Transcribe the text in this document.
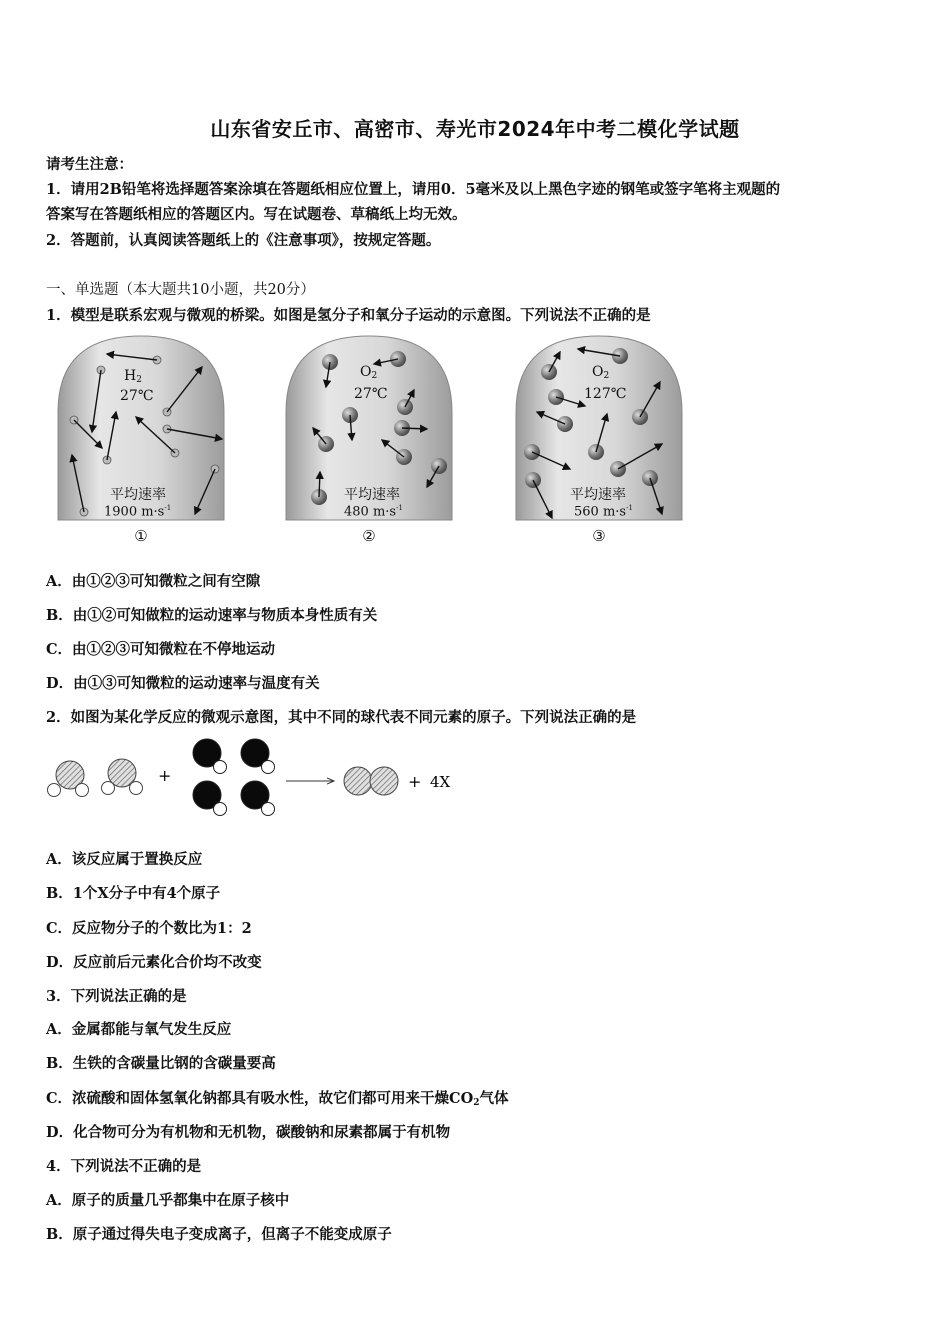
山东省安丘市、高密市、寿光市2024年中考二模化学试题
请考生注意：
1．请用2B铅笔将选择题答案涂填在答题纸相应位置上，请用0．5毫米及以上黑色字迹的钢笔或签字笔将主观题的
答案写在答题纸相应的答题区内。写在试题卷、草稿纸上均无效。
2．答题前，认真阅读答题纸上的《注意事项》，按规定答题。
一、单选题（本大题共10小题，共20分）
1．模型是联系宏观与微观的桥梁。如图是氢分子和氧分子运动的示意图。下列说法不正确的是
$H_2$
27℃
平均速率
1900 $m\cdot s^{-1}$
①
$O_2$
27℃
平均速率
480 $m\cdot s^{-1}$
②
$O_2$
127℃
平均速率
560 $m\cdot s^{-1}$
③
A．由①②③可知微粒之间有空隙
B．由①②可知做粒的运动速率与物质本身性质有关
C．由①②③可知微粒在不停地运动
D．由①③可知微粒的运动速率与温度有关
2．如图为某化学反应的微观示意图，其中不同的球代表不同元素的原子。下列说法正确的是
+	+ 4X
A．该反应属于置换反应
B．1个X分子中有4个原子
C．反应物分子的个数比为1：2
D．反应前后元素化合价均不改变
3．下列说法正确的是
A．金属都能与氧气发生反应
B．生铁的含碳量比钢的含碳量要高
C．浓硫酸和固体氢氧化钠都具有吸水性，故它们都可用来干燥$CO_2$气体
D．化合物可分为有机物和无机物，碳酸钠和尿素都属于有机物
4．下列说法不正确的是
A．原子的质量几乎都集中在原子核中
B．原子通过得失电子变成离子，但离子不能变成原子
